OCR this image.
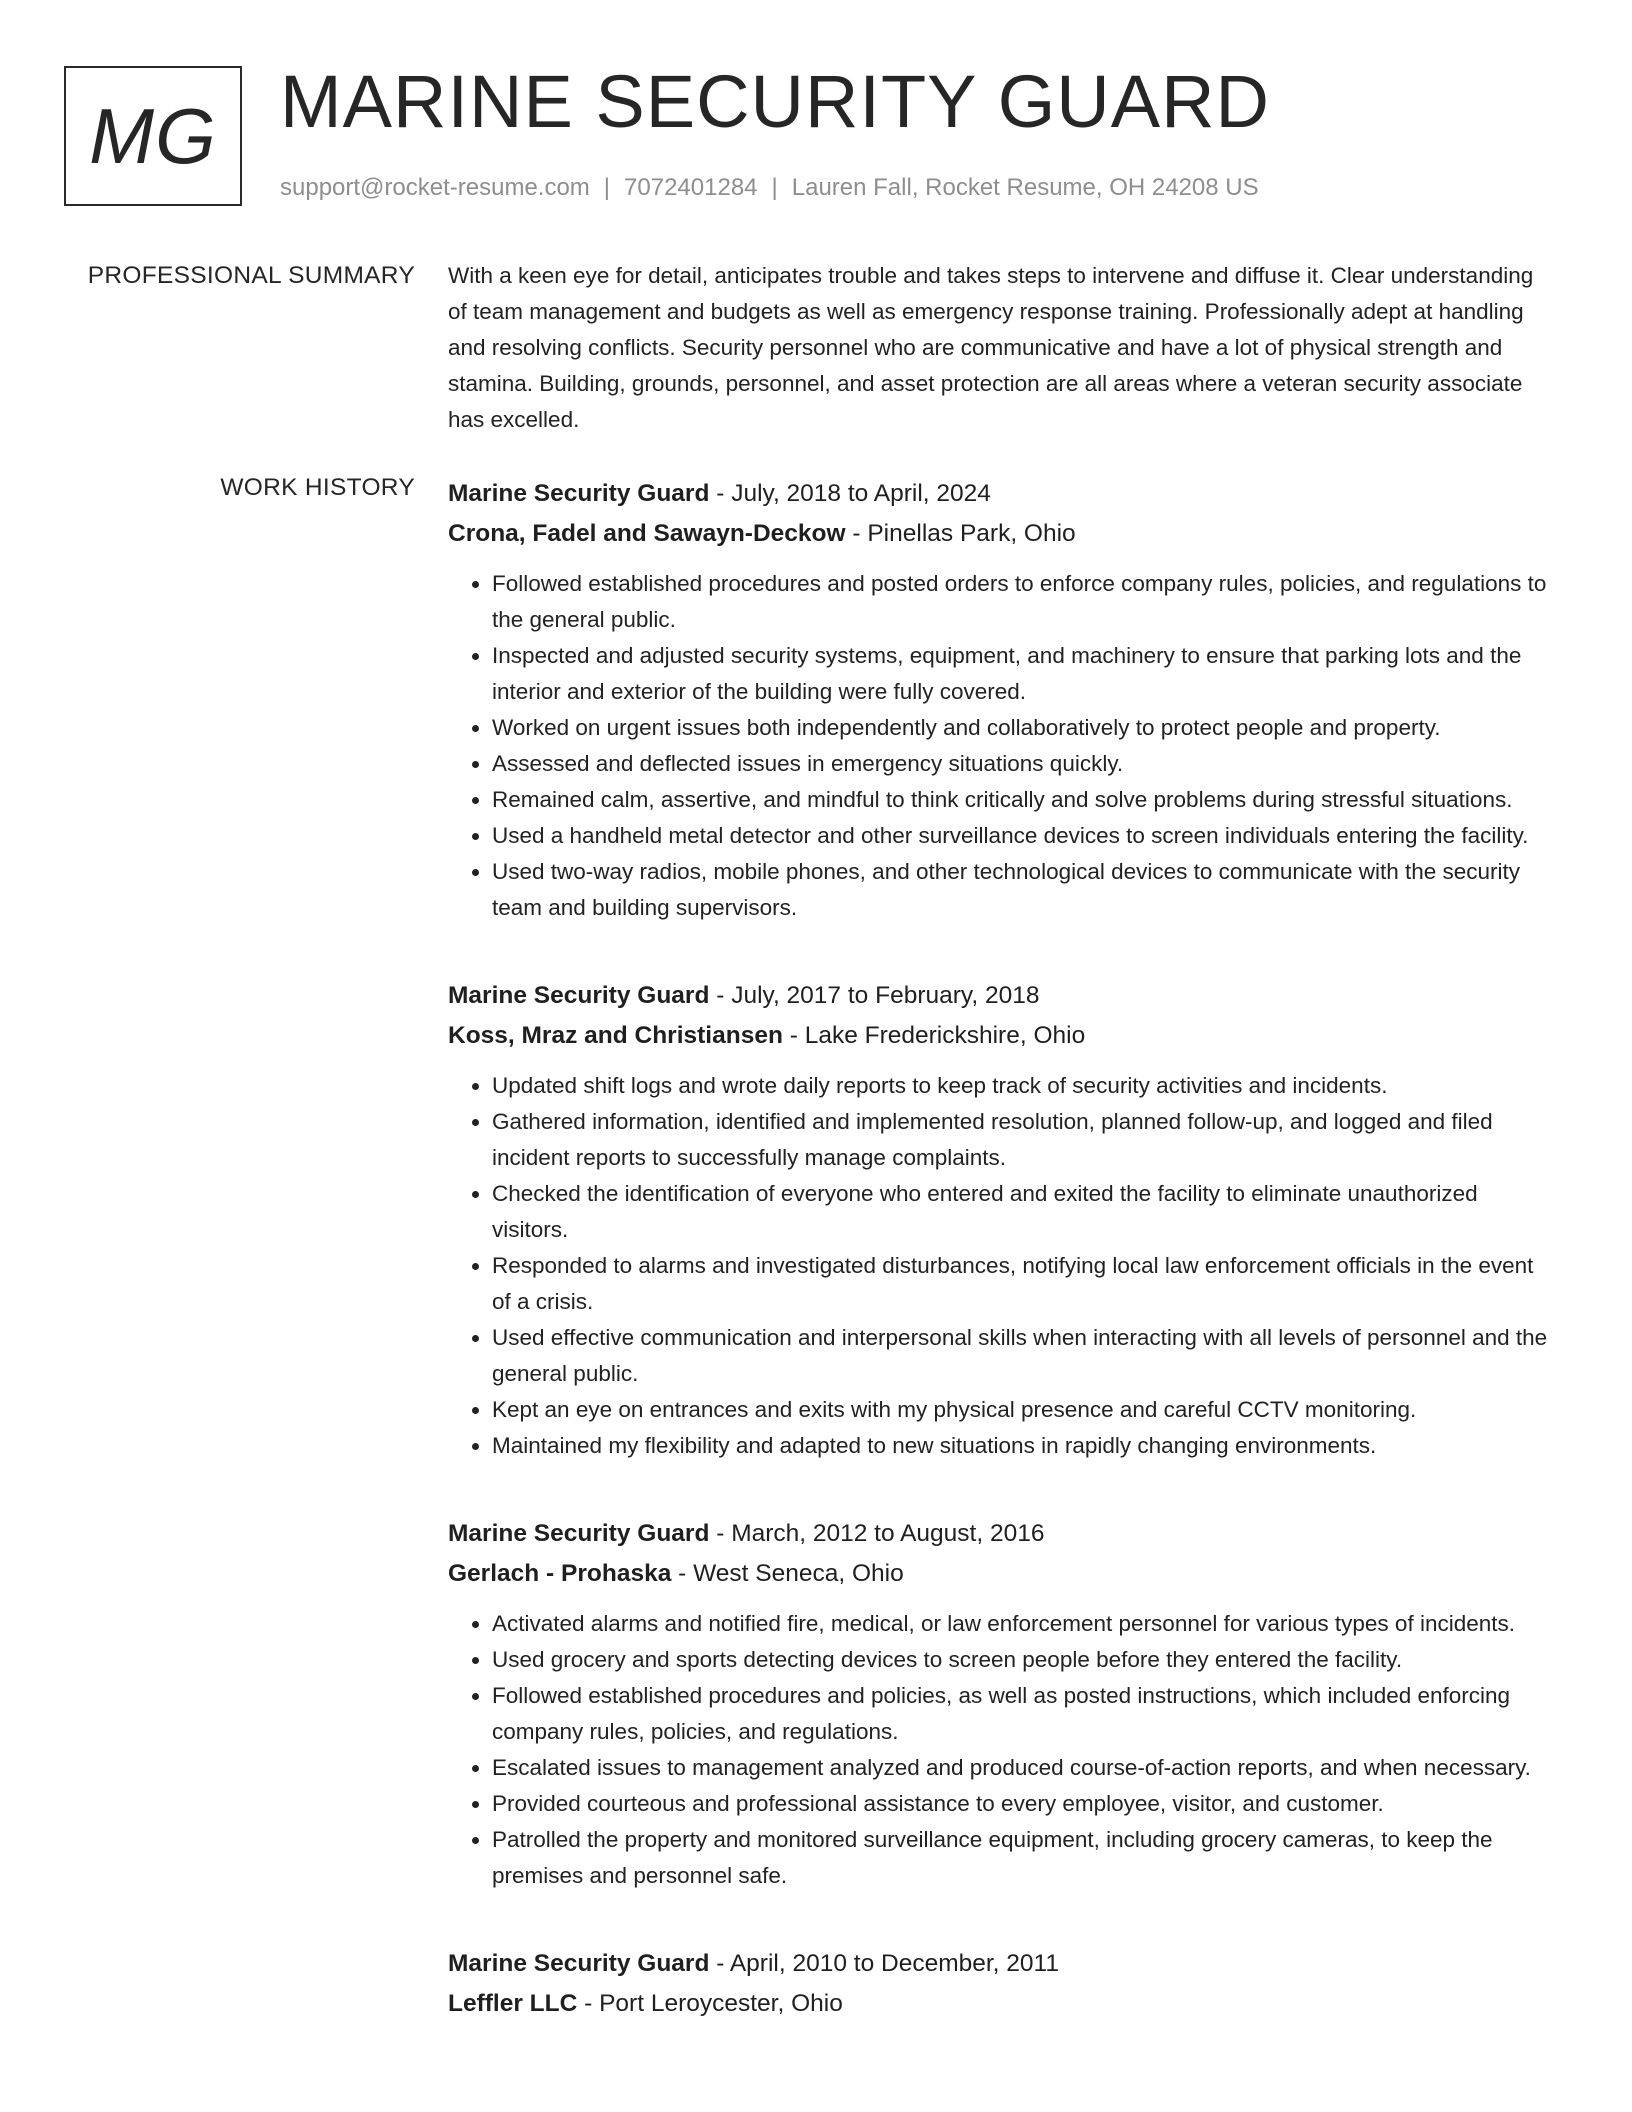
MG MARINE SECURITY GUARD
support@rocket-resume.com | 7072401284 | Lauren Fall, Rocket Resume, OH 24208 US
PROFESSIONAL SUMMARY With a keen eye for detail, anticipates trouble and takes steps to intervene and diffuse it. Clear understanding of team management and budgets as well as emergency response training. Professionally adept at handling and resolving conflicts. Security personnel who are communicative and have a lot of physical strength and stamina. Building, grounds, personnel, and asset protection are all areas where a veteran security associate has excelled.

WORK HISTORY Marine Security Guard - July, 2018 to April, 2024
Crona, Fadel and Sawayn-Deckow - Pinellas Park, Ohio
• Followed established procedures and posted orders to enforce company rules, policies, and regulations to the general public.
• Inspected and adjusted security systems, equipment, and machinery to ensure that parking lots and the interior and exterior of the building were fully covered.
• Worked on urgent issues both independently and collaboratively to protect people and property.
• Assessed and deflected issues in emergency situations quickly.
• Remained calm, assertive, and mindful to think critically and solve problems during stressful situations.
• Used a handheld metal detector and other surveillance devices to screen individuals entering the facility.
• Used two-way radios, mobile phones, and other technological devices to communicate with the security team and building supervisors.
Marine Security Guard - July, 2017 to February, 2018
Koss, Mraz and Christiansen - Lake Frederickshire, Ohio
• Updated shift logs and wrote daily reports to keep track of security activities and incidents.
• Gathered information, identified and implemented resolution, planned follow-up, and logged and filed incident reports to successfully manage complaints.
• Checked the identification of everyone who entered and exited the facility to eliminate unauthorized visitors.
• Responded to alarms and investigated disturbances, notifying local law enforcement officials in the event of a crisis.
• Used effective communication and interpersonal skills when interacting with all levels of personnel and the general public.
• Kept an eye on entrances and exits with my physical presence and careful CCTV monitoring.
• Maintained my flexibility and adapted to new situations in rapidly changing environments.
Marine Security Guard - March, 2012 to August, 2016
Gerlach - Prohaska - West Seneca, Ohio
• Activated alarms and notified fire, medical, or law enforcement personnel for various types of incidents.
• Used grocery and sports detecting devices to screen people before they entered the facility.
• Followed established procedures and policies, as well as posted instructions, which included enforcing company rules, policies, and regulations.
• Escalated issues to management analyzed and produced course-of-action reports, and when necessary.
• Provided courteous and professional assistance to every employee, visitor, and customer.
• Patrolled the property and monitored surveillance equipment, including grocery cameras, to keep the premises and personnel safe.
Marine Security Guard - April, 2010 to December, 2011
Leffler LLC - Port Leroycester, Ohio
